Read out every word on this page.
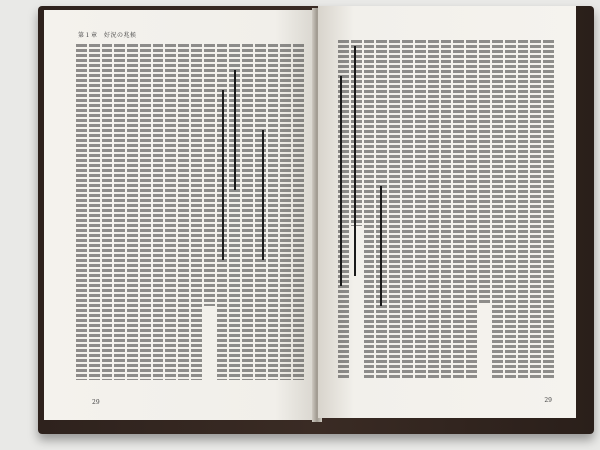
第１章　好況の兆候
29	29
